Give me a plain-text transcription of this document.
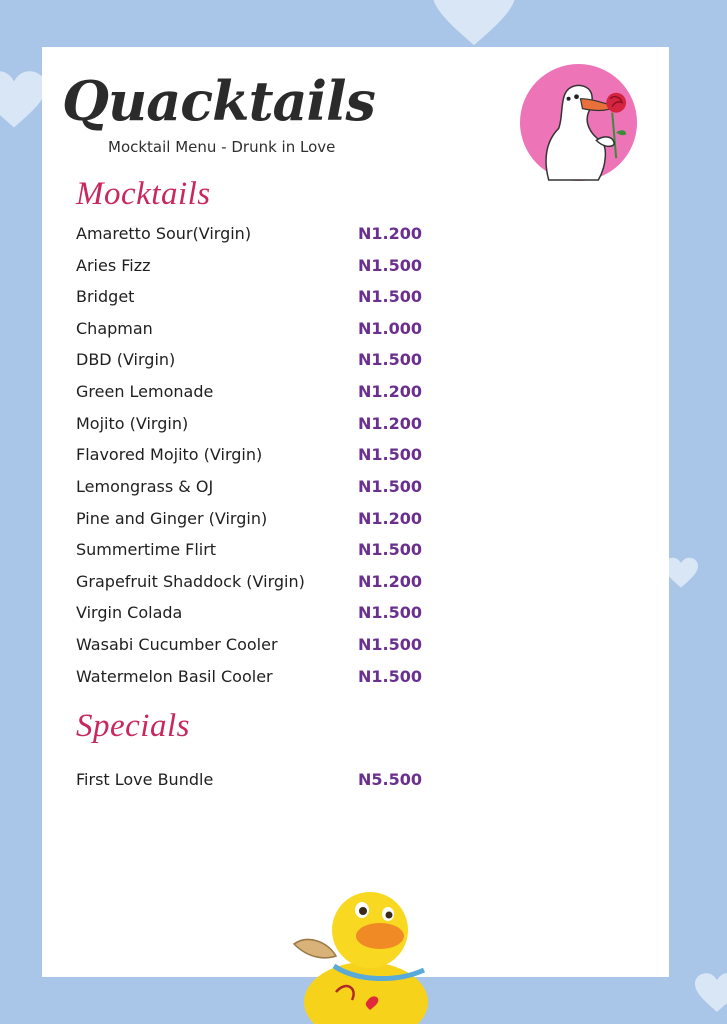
Quacktails
Mocktail Menu - Drunk in Love
Mocktails
Amaretto Sour(Virgin)	N1.200
Aries Fizz	N1.500
Bridget	N1.500
Chapman	N1.000
DBD (Virgin)	N1.500
Green Lemonade	N1.200
Mojito (Virgin)	N1.200
Flavored Mojito (Virgin)	N1.500
Lemongrass & OJ	N1.500
Pine and Ginger (Virgin)	N1.200
Summertime Flirt	N1.500
Grapefruit Shaddock (Virgin)	N1.200
Virgin Colada	N1.500
Wasabi Cucumber Cooler	N1.500
Watermelon Basil Cooler	N1.500
Specials
First Love Bundle	N5.500
